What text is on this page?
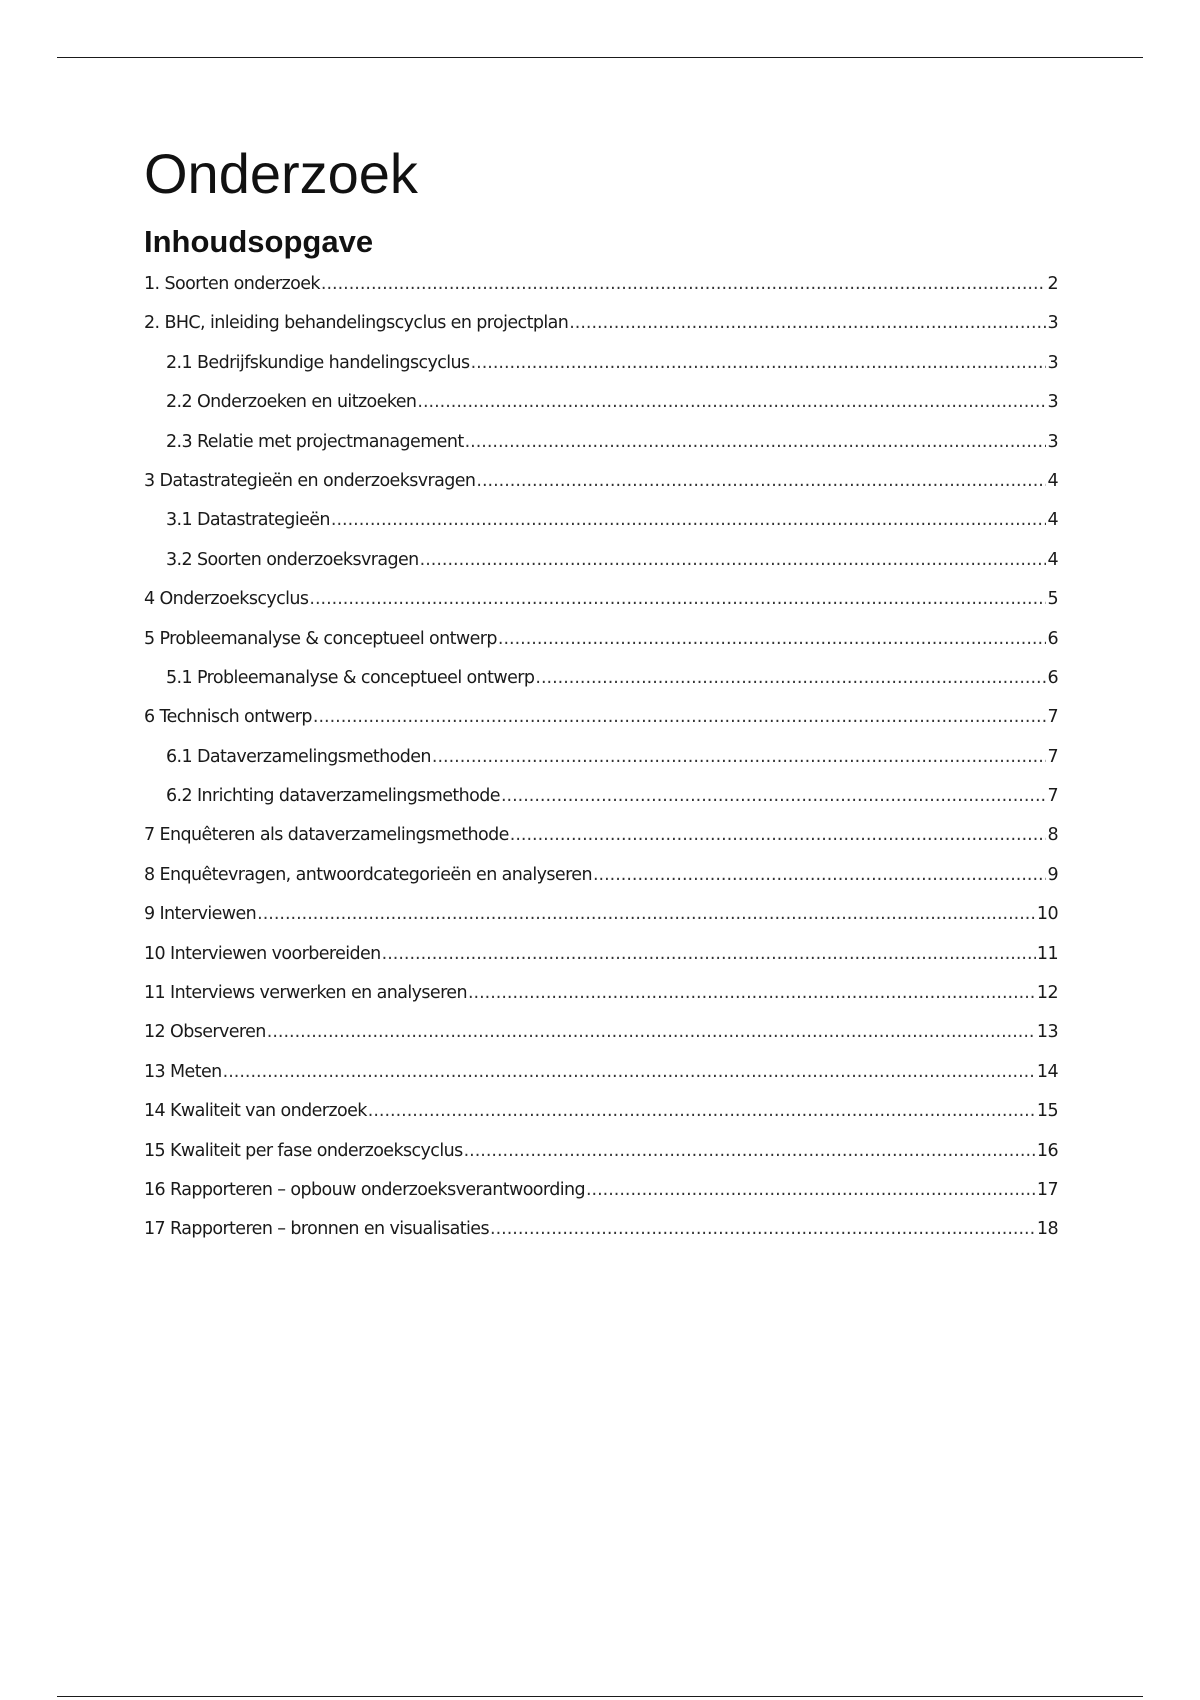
Onderzoek
Inhoudsopgave
1. Soorten onderzoek .....	2
2. BHC, inleiding behandelingscyclus en projectplan .....	3
2.1 Bedrijfskundige handelingscyclus .....	3
2.2 Onderzoeken en uitzoeken .....	3
2.3 Relatie met projectmanagement .....	3
3 Datastrategieën en onderzoeksvragen .....	4
3.1 Datastrategieën .....	4
3.2 Soorten onderzoeksvragen .....	4
4 Onderzoekscyclus .....	5
5 Probleemanalyse & conceptueel ontwerp .....	6
5.1 Probleemanalyse & conceptueel ontwerp .....	6
6 Technisch ontwerp .....	7
6.1 Dataverzamelingsmethoden .....	7
6.2 Inrichting dataverzamelingsmethode .....	7
7 Enquêteren als dataverzamelingsmethode .....	8
8 Enquêtevragen, antwoordcategorieën en analyseren .....	9
9 Interviewen .....	10
10 Interviewen voorbereiden .....	11
11 Interviews verwerken en analyseren .....	12
12 Observeren .....	13
13 Meten .....	14
14 Kwaliteit van onderzoek .....	15
15 Kwaliteit per fase onderzoekscyclus .....	16
16 Rapporteren – opbouw onderzoeksverantwoording .....	17
17 Rapporteren – bronnen en visualisaties .....	18
